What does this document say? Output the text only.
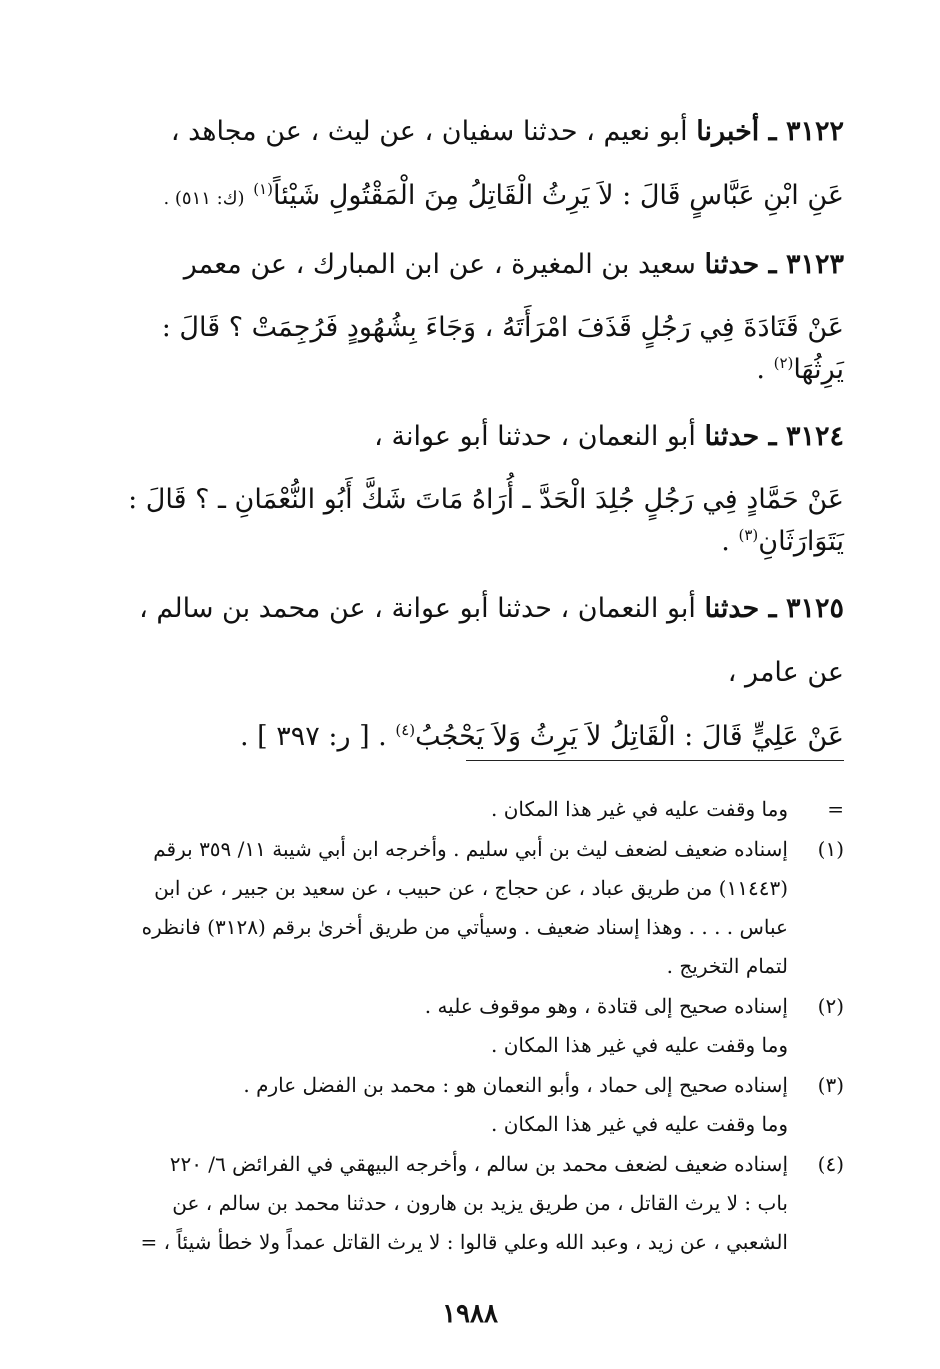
٣١٢٢ ـ أخبرنا أبو نعيم ، حدثنا سفيان ، عن ليث ، عن مجاهد ،

عَنِ ابْنِ عَبَّاسٍ قَالَ : لاَ يَرِثُ الْقَاتِلُ مِنَ الْمَقْتُولِ شَيْئاً$^{(١)}$ (ك: ٥١١) .

٣١٢٣ ـ حدثنا سعيد بن المغيرة ، عن ابن المبارك ، عن معمر

عَنْ قَتَادَةَ فِي رَجُلٍ قَذَفَ امْرَأَتَهُ ، وَجَاءَ بِشُهُودٍ فَرُجِمَتْ ؟ قَالَ :
يَرِثُهَا$^{(٢)}$ .

٣١٢٤ ـ حدثنا أبو النعمان ، حدثنا أبو عوانة ،

عَنْ حَمَّادٍ فِي رَجُلٍ جُلِدَ الْحَدَّ ـ أُرَاهُ مَاتَ شَكَّ أَبُو النُّعْمَانِ ـ ؟ قَالَ :
يَتَوَارَثَانِ$^{(٣)}$ .

٣١٢٥ ـ حدثنا أبو النعمان ، حدثنا أبو عوانة ، عن محمد بن سالم ،

عن عامر ،

عَنْ عَلِيٍّ قَالَ : الْقَاتِلُ لاَ يَرِثُ وَلاَ يَحْجُبُ$^{(٤)}$ . [ ر: ٣٩٧ ] .

=
وما وقفت عليه في غير هذا المكان .
(١)
إسناده ضعيف لضعف ليث بن أبي سليم . وأخرجه ابن أبي شيبة ١١/ ٣٥٩ برقم
(١١٤٤٣) من طريق عباد ، عن حجاج ، عن حبيب ، عن سعيد بن جبير ، عن ابن
عباس . . . . وهذا إسناد ضعيف . وسيأتي من طريق أخرىٰ برقم (٣١٢٨) فانظره
لتمام التخريج .
(٢)
إسناده صحيح إلى قتادة ، وهو موقوف عليه .
وما وقفت عليه في غير هذا المكان .
(٣)
إسناده صحيح إلى حماد ، وأبو النعمان هو : محمد بن الفضل عارم .
وما وقفت عليه في غير هذا المكان .
(٤)
إسناده ضعيف لضعف محمد بن سالم ، وأخرجه البيهقي في الفرائض ٦/ ٢٢٠
باب : لا يرث القاتل ، من طريق يزيد بن هارون ، حدثنا محمد بن سالم ، عن
الشعبي ، عن زيد ، وعبد الله وعلي قالوا : لا يرث القاتل عمداً ولا خطأ شيئاً ، =
١٩٨٨
